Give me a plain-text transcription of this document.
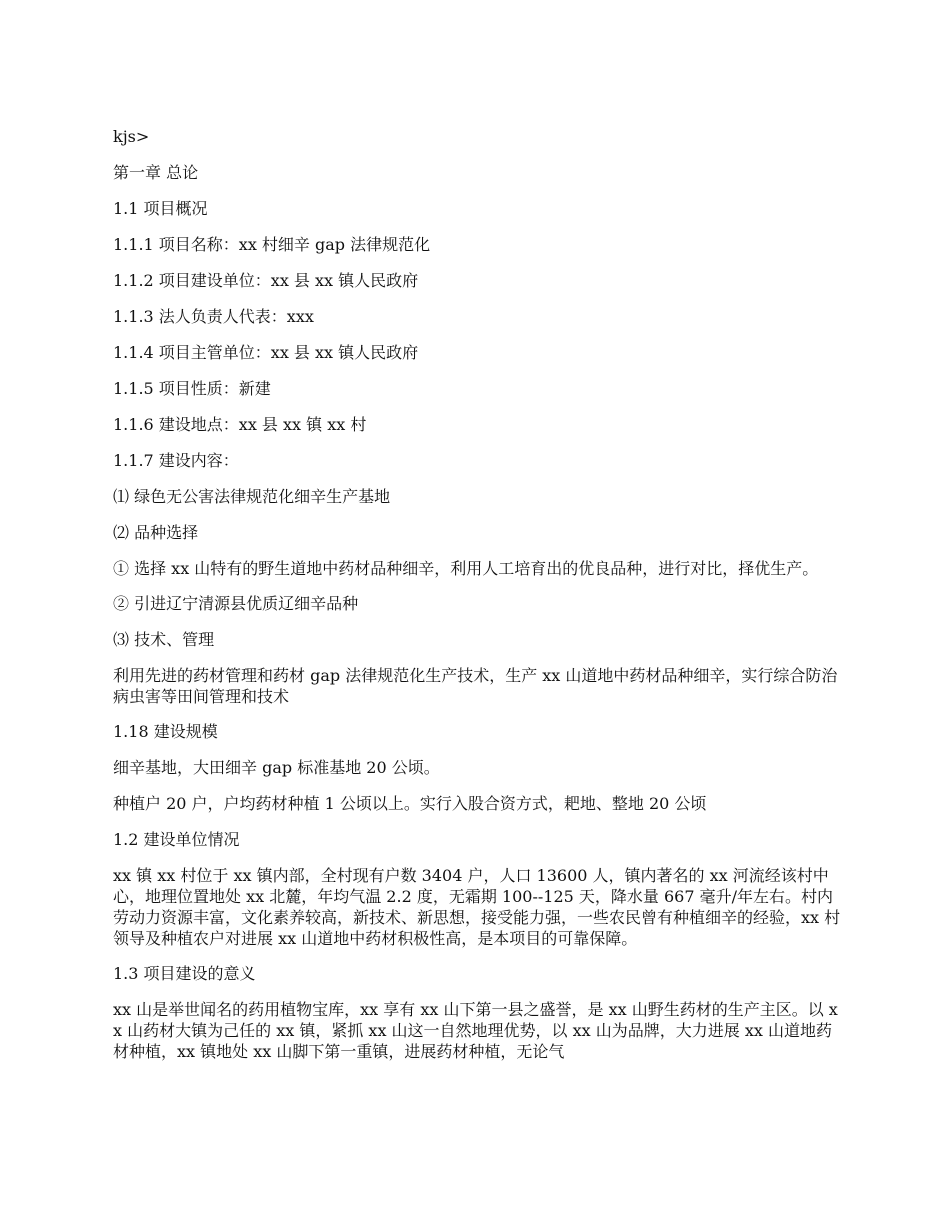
kjs>
第一章 总论
1.1 项目概况
1.1.1 项目名称：xx 村细辛 gap 法律规范化
1.1.2 项目建设单位：xx 县 xx 镇人民政府
1.1.3 法人负责人代表：xxx
1.1.4 项目主管单位：xx 县 xx 镇人民政府
1.1.5 项目性质：新建
1.1.6 建设地点：xx 县 xx 镇 xx 村
1.1.7 建设内容：
⑴ 绿色无公害法律规范化细辛生产基地
⑵ 品种选择
① 选择 xx 山特有的野生道地中药材品种细辛，利用人工培育出的优良品种，进行对比，择优生产。
② 引进辽宁清源县优质辽细辛品种
⑶ 技术、管理
利用先进的药材管理和药材 gap 法律规范化生产技术，生产 xx 山道地中药材品种细辛，实行综合防治病虫害等田间管理和技术
1.18 建设规模
细辛基地，大田细辛 gap 标准基地 20 公顷。
种植户 20 户，户均药材种植 1 公顷以上。实行入股合资方式，耙地、整地 20 公顷
1.2 建设单位情况
xx 镇 xx 村位于 xx 镇内部，全村现有户数 3404 户，人口 13600 人，镇内著名的 xx 河流经该村中心，地理位置地处 xx 北麓，年均气温 2.2 度，无霜期 100--125 天，降水量 667 毫升/年左右。村内劳动力资源丰富，文化素养较高，新技术、新思想，接受能力强，一些农民曾有种植细辛的经验，xx 村领导及种植农户对进展 xx 山道地中药材积极性高，是本项目的可靠保障。
1.3 项目建设的意义
xx 山是举世闻名的药用植物宝库，xx 享有 xx 山下第一县之盛誉，是 xx 山野生药材的生产主区。以 xx 山药材大镇为己任的 xx 镇，紧抓 xx 山这一自然地理优势，以 xx 山为品牌，大力进展 xx 山道地药材种植，xx 镇地处 xx 山脚下第一重镇，进展药材种植，无论气
